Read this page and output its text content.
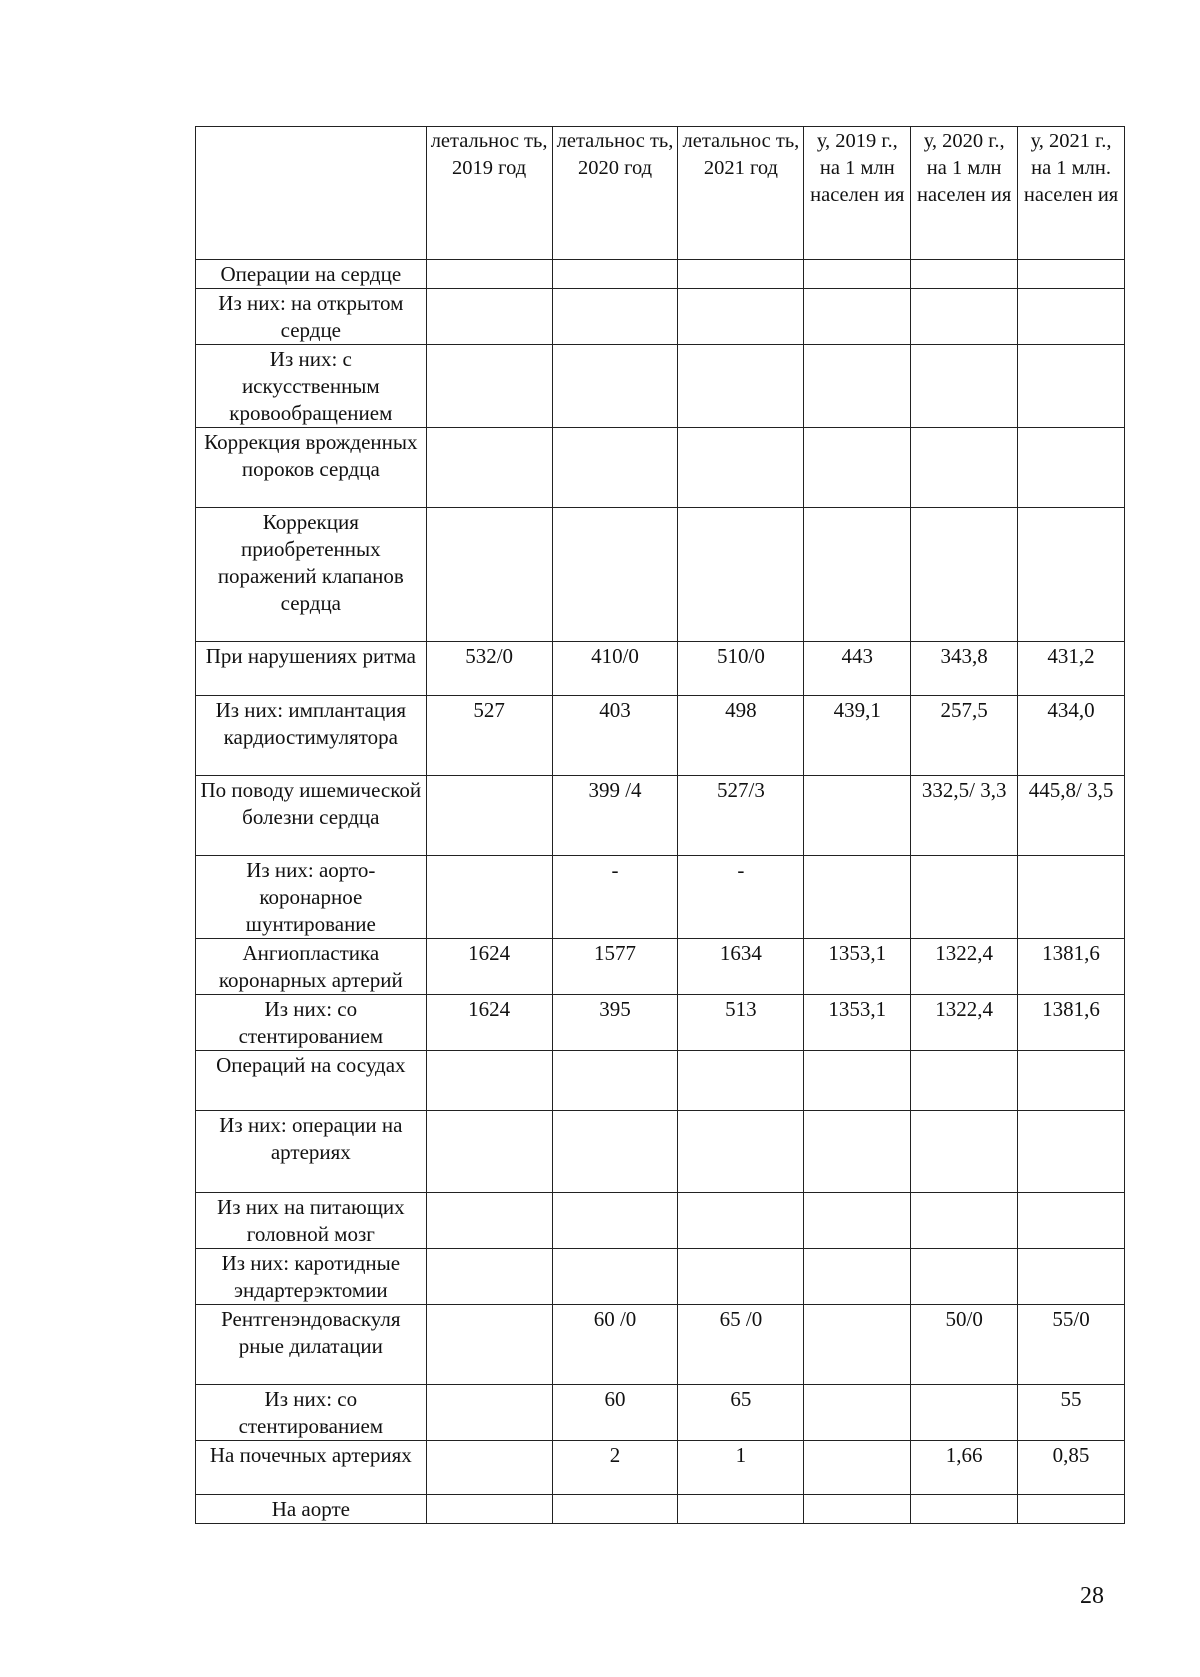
	летальнос ть, 2019 год	летальнос ть, 2020 год	летальнос ть, 2021 год	у, 2019 г., на 1 млн населен ия	у, 2020 г., на 1 млн населен ия	у, 2021 г., на 1 млн. населен ия
Операции на сердце						
Из них: на открытом сердце						
Из них: с искусственным кровообращением						
Коррекция врожденных пороков сердца						
Коррекция приобретенных поражений клапанов сердца						
При нарушениях ритма	532/0	410/0	510/0	443	343,8	431,2
Из них: имплантация кардиостимулятора	527	403	498	439,1	257,5	434,0
По поводу ишемической болезни сердца		399 /4	527/3		332,5/ 3,3	445,8/ 3,5
Из них: аорто-коронарное шунтирование		-	-			
Ангиопластика коронарных артерий	1624	1577	1634	1353,1	1322,4	1381,6
Из них: со стентированием	1624	395	513	1353,1	1322,4	1381,6
Операций на сосудах						
Из них: операции на артериях						
Из них на питающих головной мозг						
Из них: каротидные эндартерэктомии						
Рентгенэндоваскуля рные дилатации		60 /0	65 /0		50/0	55/0
Из них: со стентированием		60	65			55
На почечных артериях		2	1		1,66	0,85
На аорте						
28
